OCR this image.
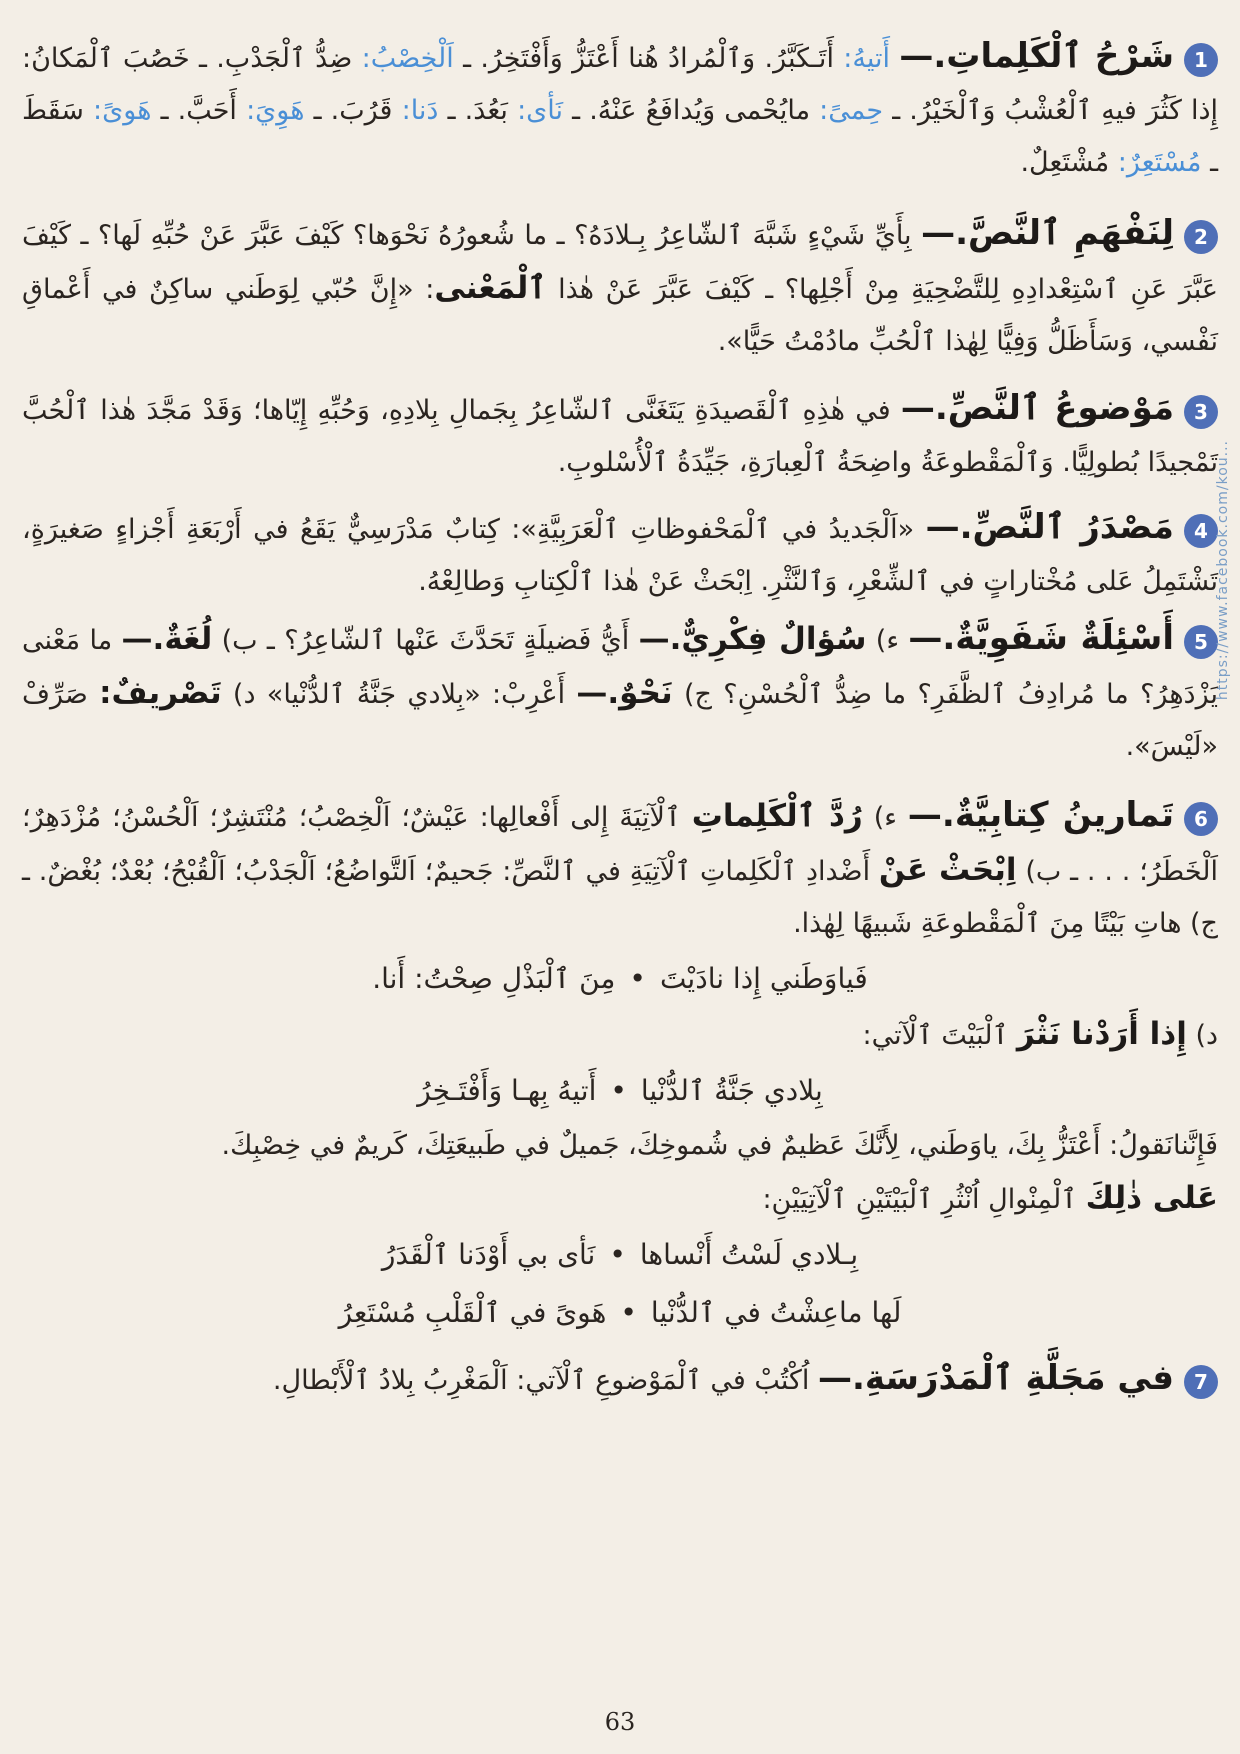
1شَرْحُ ٱلْكَلِماتِ.— أَتيهُ: أَتَـكَبَّرُ. وَٱلْمُرادُ هُنا أَعْتَزُّ وَأَفْتَخِرُ. ـ اَلْخِصْبُ: ضِدُّ ٱلْجَدْبِ. ـ خَصُبَ ٱلْمَكانُ: إِذا كَثُرَ فيهِ ٱلْعُشْبُ وَٱلْخَيْرُ. ـ حِمىً: مايُحْمى وَيُدافَعُ عَنْهُ. ـ نَأى: بَعُدَ. ـ دَنا: قَرُبَ. ـ هَوِيَ: أَحَبَّ. ـ هَوىً: سَقَطَ ـ مُسْتَعِرٌ: مُشْتَعِلٌ.

2لِنَفْهَمِ ٱلنَّصَّ.— بِأَيِّ شَيْءٍ شَبَّهَ ٱلشّاعِرُ بِـلادَهُ؟ ـ ما شُعورُهُ نَحْوَها؟ كَيْفَ عَبَّرَ عَنْ حُبِّهِ لَها؟ ـ كَيْفَ عَبَّرَ عَنِ ٱسْتِعْدادِهِ لِلتَّضْحِيَةِ مِنْ أَجْلِها؟ ـ كَيْفَ عَبَّرَ عَنْ هٰذا ٱلْمَعْنى: «إِنَّ حُبّي لِوَطَني ساكِنٌ في أَعْماقِ نَفْسي، وَسَأَظَلُّ وَفِيًّا لِهٰذا ٱلْحُبِّ مادُمْتُ حَيًّا».

3مَوْضوعُ ٱلنَّصِّ.— في هٰذِهِ ٱلْقَصيدَةِ يَتَغَنَّى ٱلشّاعِرُ بِجَمالِ بِلادِهِ، وَحُبِّهِ إِيّاها؛ وَقَدْ مَجَّدَ هٰذا ٱلْحُبَّ تَمْجيدًا بُطولِيًّا. وَٱلْمَقْطوعَةُ واضِحَةُ ٱلْعِبارَةِ، جَيِّدَةُ ٱلْأُسْلوبِ.

4مَصْدَرُ ٱلنَّصِّ.— «اَلْجَديدُ في ٱلْمَحْفوظاتِ ٱلْعَرَبِيَّةِ»: كِتابٌ مَدْرَسِيٌّ يَقَعُ في أَرْبَعَةِ أَجْزاءٍ صَغيرَةٍ، تَشْتَمِلُ عَلى مُخْتاراتٍ في ٱلشِّعْرِ، وَٱلنَّثْرِ. اِبْحَثْ عَنْ هٰذا ٱلْكِتابِ وَطالِعْهُ.

5أَسْئِلَةٌ شَفَوِيَّةٌ.— ء) سُؤالٌ فِكْرِيٌّ.— أَيُّ فَضيلَةٍ تَحَدَّثَ عَنْها ٱلشّاعِرُ؟ ـ ب) لُغَةٌ.— ما مَعْنى يَزْدَهِرُ؟ ما مُرادِفُ ٱلظَّفَرِ؟ ما ضِدُّ ٱلْحُسْنِ؟ ج) نَحْوٌ.— أَعْرِبْ: «بِلادي جَنَّةُ ٱلدُّنْيا» د) تَصْريفٌ: صَرِّفْ «لَيْسَ».

6تَمارينُ كِتابِيَّةٌ.— ء) رُدَّ ٱلْكَلِماتِ ٱلْآتِيَةَ إِلى أَفْعالِها: عَيْشٌ؛ اَلْخِصْبُ؛ مُنْتَشِرٌ؛ اَلْحُسْنُ؛ مُزْدَهِرٌ؛ اَلْخَطَرُ؛ . . . ـ ب) اِبْحَثْ عَنْ أَضْدادِ ٱلْكَلِماتِ ٱلْآتِيَةِ في ٱلنَّصِّ: جَحيمٌ؛ اَلتَّواضُعُ؛ اَلْجَدْبُ؛ اَلْقُبْحُ؛ بُعْدٌ؛ بُغْضٌ. ـ ج) هاتِ بَيْتًا مِنَ ٱلْمَقْطوعَةِ شَبيهًا لِهٰذا.

فَياوَطَني إِذا نادَيْتَ•مِنَ ٱلْبَذْلِ صِحْتُ: أَنا.

د) إِذا أَرَدْنا نَثْرَ ٱلْبَيْتَ ٱلْآتي:

بِلادي جَنَّةُ ٱلدُّنْيا•أَتيهُ بِهـا وَأَفْتَـخِرُ

فَإِنَّنانَقولُ: أَعْتَزُّ بِكَ، ياوَطَني، لِأَنَّكَ عَظيمٌ في شُموخِكَ، جَميلٌ في طَبيعَتِكَ، كَريمٌ في خِصْبِكَ.

عَلى ذٰلِكَ ٱلْمِنْوالِ اُنْثُرِ ٱلْبَيْتَيْنِ ٱلْآتِيَيْنِ:

بِـلادي لَسْتُ أَنْساها•نَأى بي أَوْدَنا ٱلْقَدَرُ

لَها ماعِشْتُ في ٱلدُّنْيا•هَوىً في ٱلْقَلْبِ مُسْتَعِرُ

7في مَجَلَّةِ ٱلْمَدْرَسَةِ.— اُكْتُبْ في ٱلْمَوْضوعِ ٱلْآتي: اَلْمَغْرِبُ بِلادُ ٱلْأَبْطالِ.

https://www.facebook.com/kou...
63
